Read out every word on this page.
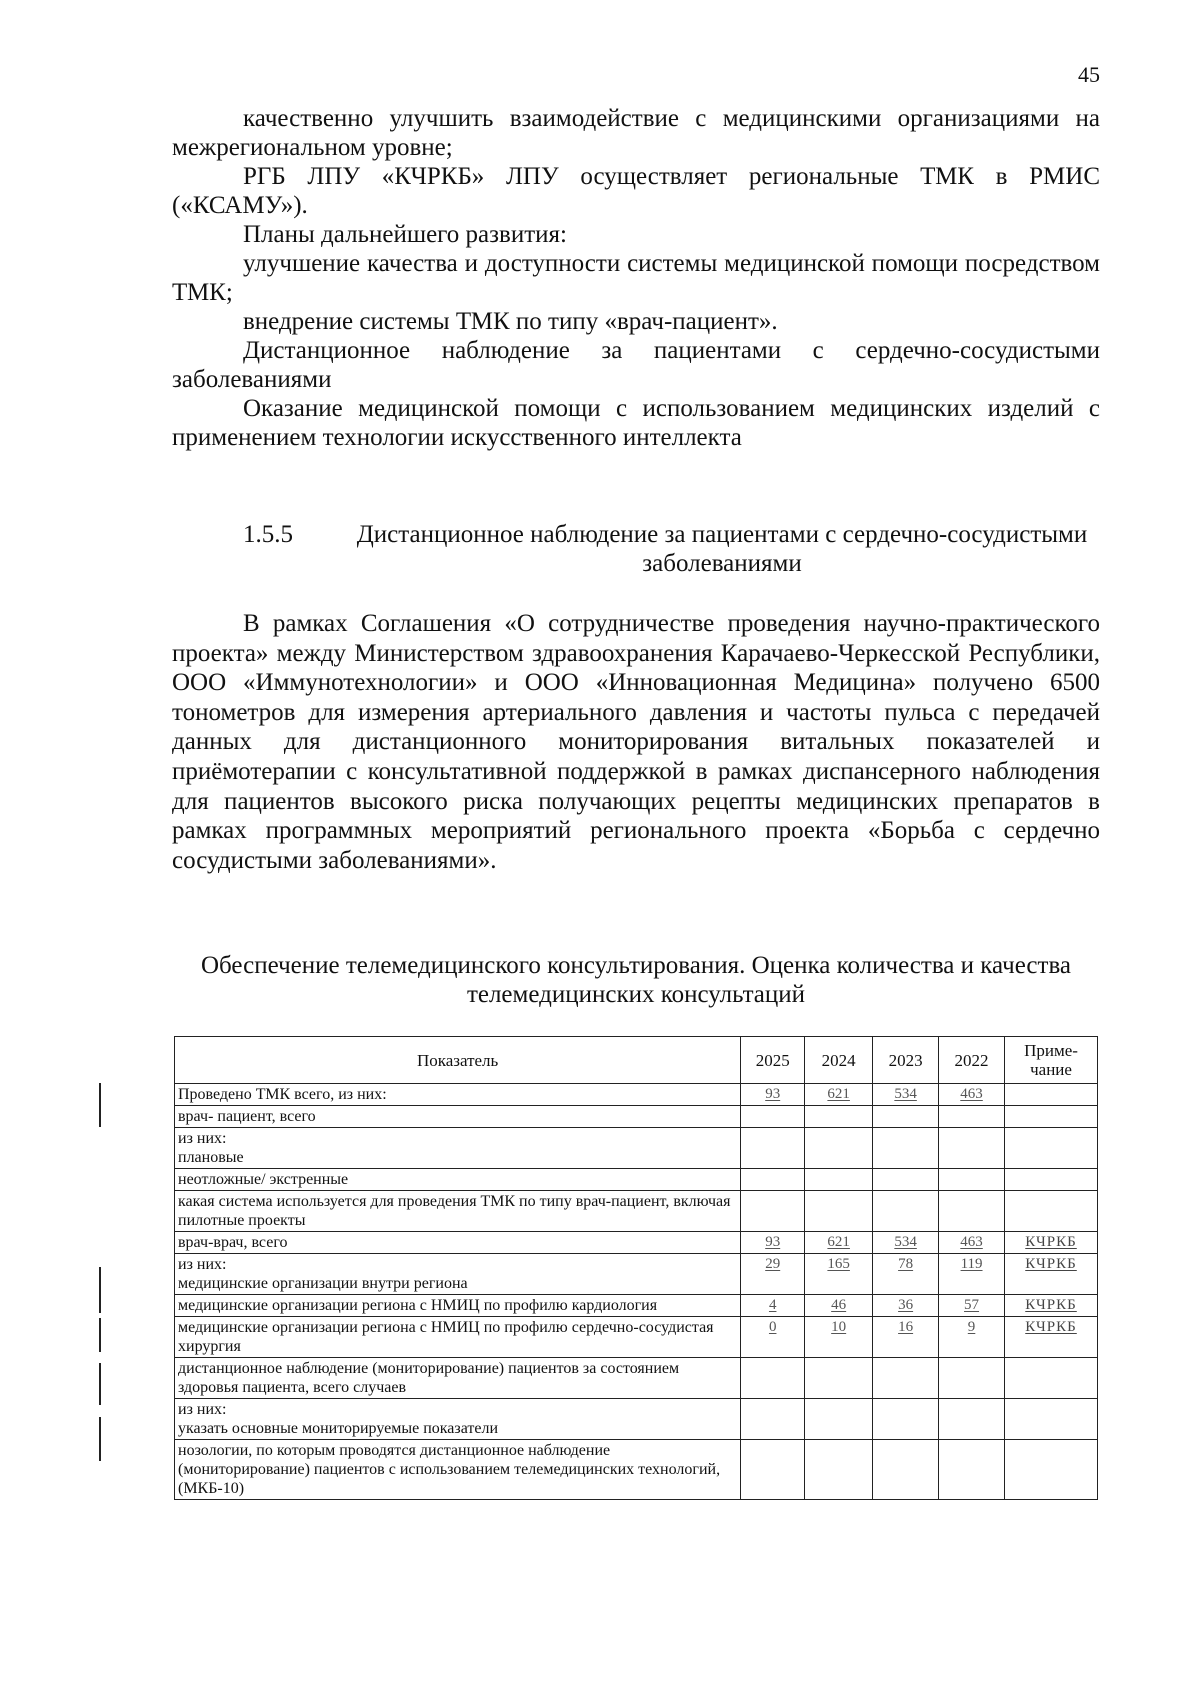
45

качественно улучшить взаимодействие с медицинскими организациями на межрегиональном уровне;

РГБ ЛПУ «КЧРКБ» ЛПУ осуществляет региональные ТМК в РМИС («КСАМУ»).

Планы дальнейшего развития:

улучшение качества и доступности системы медицинской помощи посредством ТМК;

внедрение системы ТМК по типу «врач-пациент».

Дистанционное наблюдение за пациентами с сердечно-сосудистыми заболеваниями

Оказание медицинской помощи с использованием медицинских изделий с применением технологии искусственного интеллекта

1.5.5	Дистанционное наблюдение за пациентами с сердечно-сосудистыми заболеваниями

В рамках Соглашения «О сотрудничестве проведения научно-практического проекта» между Министерством здравоохранения Карачаево-Черкесской Республики, ООО «Иммунотехнологии» и ООО «Инновационная Медицина» получено 6500 тонометров для измерения артериального давления и частоты пульса с передачей данных для дистанционного мониторирования витальных показателей и приёмотерапии с консультативной поддержкой в рамках диспансерного наблюдения для пациентов высокого риска получающих рецепты медицинских препаратов в рамках программных мероприятий регионального проекта «Борьба с сердечно сосудистыми заболеваниями».

Обеспечение телемедицинского консультирования. Оценка количества и качества телемедицинских консультаций
Показатель	2025	2024	2023	2022	Приме-
чание
Проведено ТМК всего, из них:	93	621	534	463	
врач- пациент, всего					
из них:
плановые					
неотложные/ экстренные					
какая система используется для проведения ТМК по типу врач-пациент, включая пилотные проекты					
врач-врач, всего	93	621	534	463	КЧРКБ
из них:
медицинские организации внутри региона	29	165	78	119	КЧРКБ
медицинские организации региона с НМИЦ по профилю кардиология	4	46	36	57	КЧРКБ
медицинские организации региона с НМИЦ по профилю сердечно-сосудистая хирургия	0	10	16	9	КЧРКБ
дистанционное наблюдение (мониторирование) пациентов за состоянием здоровья пациента, всего случаев					
из них:
указать основные мониторируемые показатели					
нозологии, по которым проводятся дистанционное наблюдение (мониторирование) пациентов с использованием телемедицинских технологий, (МКБ-10)					
